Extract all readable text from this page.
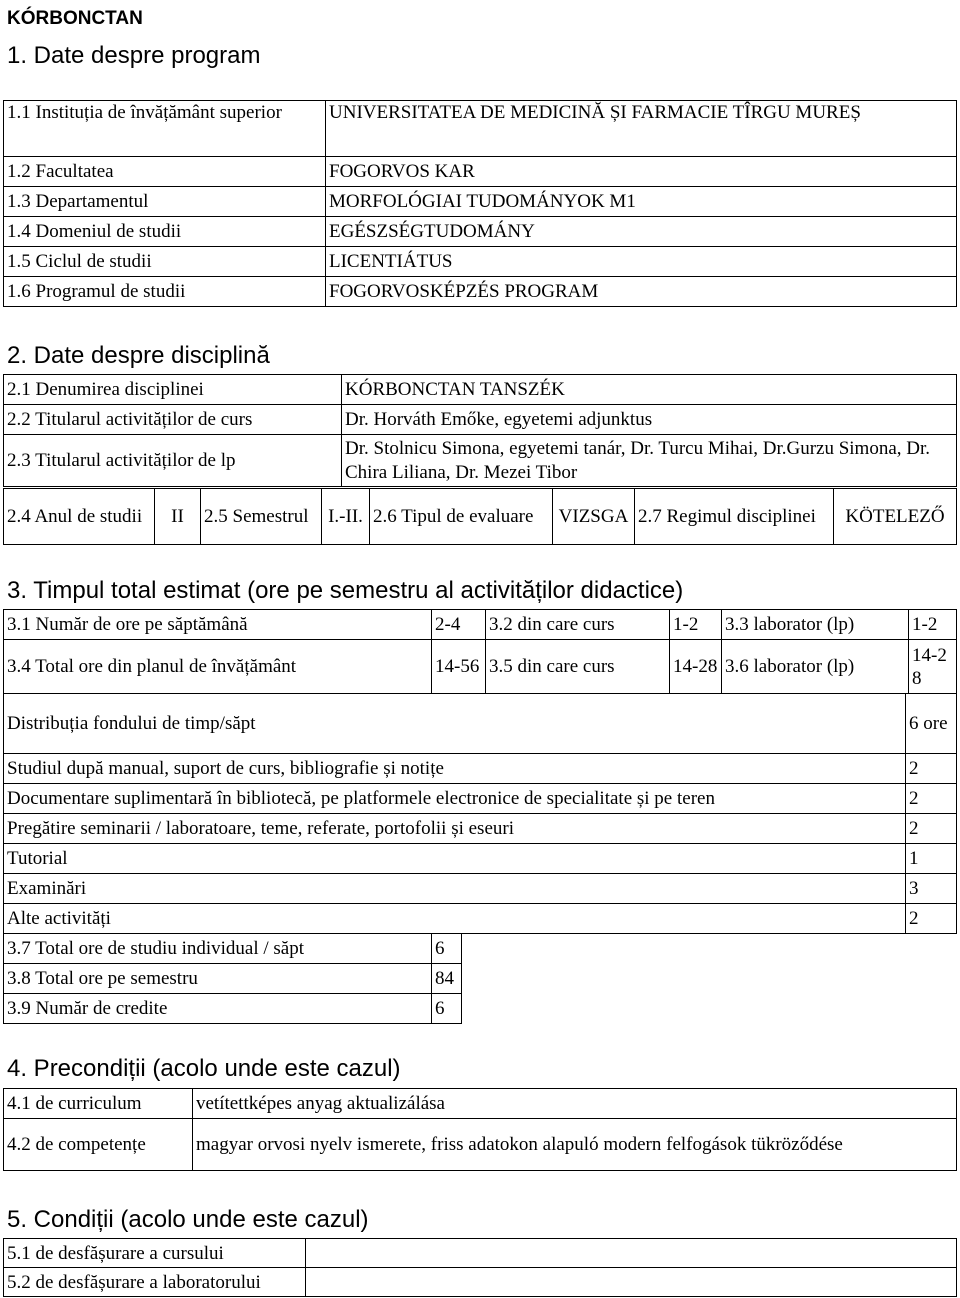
KÓRBONCTAN
1. Date despre program
1.1 Instituția de învățământ superior	UNIVERSITATEA DE MEDICINĂ ȘI FARMACIE TÎRGU MUREȘ
1.2 Facultatea	FOGORVOS KAR
1.3 Departamentul	MORFOLÓGIAI TUDOMÁNYOK M1
1.4 Domeniul de studii	EGÉSZSÉGTUDOMÁNY
1.5 Ciclul de studii	LICENTIÁTUS
1.6 Programul de studii	FOGORVOSKÉPZÉS PROGRAM
2. Date despre disciplină
2.1 Denumirea disciplinei	KÓRBONCTAN TANSZÉK
2.2 Titularul activităților de curs	Dr. Horváth Emőke, egyetemi adjunktus
2.3 Titularul activităților de lp	Dr. Stolnicu Simona, egyetemi tanár, Dr. Turcu Mihai, Dr.Gurzu Simona, Dr. Chira Liliana, Dr. Mezei Tibor
2.4 Anul de studii	II	2.5 Semestrul	I.-II.	2.6 Tipul de evaluare	VIZSGA	2.7 Regimul disciplinei	KÖTELEZŐ
3. Timpul total estimat (ore pe semestru al activităților didactice)
3.1 Număr de ore pe săptămână	2-4	3.2 din care curs	1-2	3.3 laborator (lp)	1-2
3.4 Total ore din planul de învățământ	14-56	3.5 din care curs	14-28	3.6 laborator (lp)	14-28
Distribuția fondului de timp/săpt	6 ore
Studiul după manual, suport de curs, bibliografie și notițe	2
Documentare suplimentară în bibliotecă, pe platformele electronice de specialitate și pe teren	2
Pregătire seminarii / laboratoare, teme, referate, portofolii și eseuri	2
Tutorial	1
Examinări	3
Alte activități	2
3.7 Total ore de studiu individual / săpt	6
3.8 Total ore pe semestru	84
3.9 Număr de credite	6
4. Precondiții (acolo unde este cazul)
4.1 de curriculum	vetítettképes anyag aktualizálása
4.2 de competențe	magyar orvosi nyelv ismerete, friss adatokon alapuló modern felfogások tükröződése
5. Condiții (acolo unde este cazul)
5.1 de desfășurare a cursului	
5.2 de desfășurare a laboratorului	
